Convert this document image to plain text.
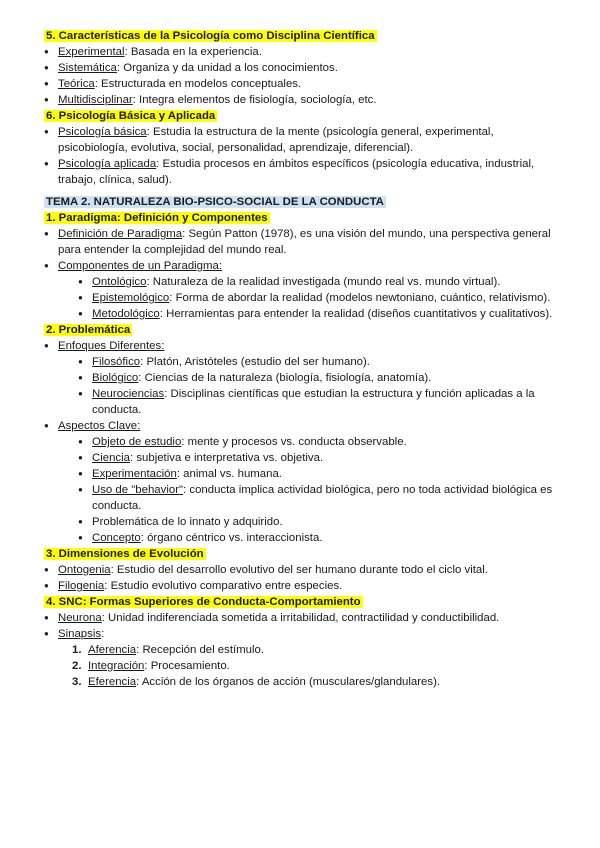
5. Características de la Psicología como Disciplina Científica
● Experimental: Basada en la experiencia.
● Sistemática: Organiza y da unidad a los conocimientos.
● Teórica: Estructurada en modelos conceptuales.
● Multidisciplinar: Integra elementos de fisiología, sociología, etc.
6. Psicología Básica y Aplicada
● Psicología básica: Estudia la estructura de la mente (psicología general, experimental, psicobiología, evolutiva, social, personalidad, aprendizaje, diferencial).
● Psicología aplicada: Estudia procesos en ámbitos específicos (psicología educativa, industrial, trabajo, clínica, salud).
TEMA 2. NATURALEZA BIO-PSICO-SOCIAL DE LA CONDUCTA
1. Paradigma: Definición y Componentes
● Definición de Paradigma: Según Patton (1978), es una visión del mundo, una perspectiva general para entender la complejidad del mundo real.
● Componentes de un Paradigma:
● Ontológico: Naturaleza de la realidad investigada (mundo real vs. mundo virtual).
● Epistemológico: Forma de abordar la realidad (modelos newtoniano, cuántico, relativismo).
● Metodológico: Herramientas para entender la realidad (diseños cuantitativos y cualitativos).
2. Problemática
● Enfoques Diferentes:
● Filosófico: Platón, Aristóteles (estudio del ser humano).
● Biológico: Ciencias de la naturaleza (biología, fisiología, anatomía).
● Neurociencias: Disciplinas científicas que estudian la estructura y función aplicadas a la conducta.
● Aspectos Clave:
● Objeto de estudio: mente y procesos vs. conducta observable.
● Ciencia: subjetiva e interpretativa vs. objetiva.
● Experimentación: animal vs. humana.
● Uso de "behavior": conducta implica actividad biológica, pero no toda actividad biológica es conducta.
● Problemática de lo innato y adquirido.
● Concepto: órgano céntrico vs. interaccionista.
3. Dimensiones de Evolución
● Ontogenia: Estudio del desarrollo evolutivo del ser humano durante todo el ciclo vital.
● Filogenia: Estudio evolutivo comparativo entre especies.
4. SNC: Formas Superiores de Conducta-Comportamiento
● Neurona: Unidad indiferenciada sometida a irritabilidad, contractilidad y conductibilidad.
● Sinapsis:
1. Aferencia: Recepción del estímulo.
2. Integración: Procesamiento.
3. Eferencia: Acción de los órganos de acción (musculares/glandulares).
